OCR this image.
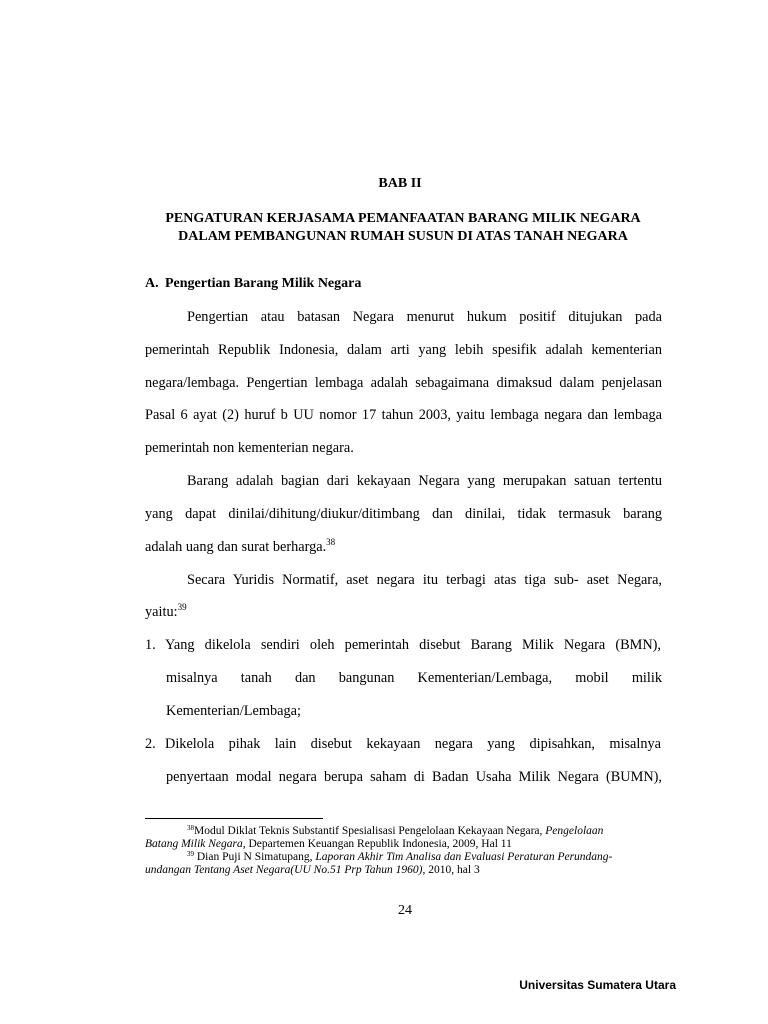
BAB II
PENGATURAN KERJASAMA PEMANFAATAN BARANG MILIK NEGARA
DALAM PEMBANGUNAN RUMAH SUSUN DI ATAS TANAH NEGARA
A. Pengertian Barang Milik Negara
Pengertian atau batasan Negara menurut hukum positif ditujukan pada
pemerintah Republik Indonesia, dalam arti yang lebih spesifik adalah kementerian
negara/lembaga. Pengertian lembaga adalah sebagaimana dimaksud dalam penjelasan
Pasal 6 ayat (2) huruf b UU nomor 17 tahun 2003, yaitu lembaga negara dan lembaga
pemerintah non kementerian negara.
Barang adalah bagian dari kekayaan Negara yang merupakan satuan tertentu
yang dapat dinilai/dihitung/diukur/ditimbang dan dinilai, tidak termasuk barang
adalah uang dan surat berharga.$^{38}$
Secara Yuridis Normatif, aset negara itu terbagi atas tiga sub- aset Negara,
yaitu:$^{39}$
1. Yang dikelola sendiri oleh pemerintah disebut Barang Milik Negara (BMN),
misalnya tanah dan bangunan Kementerian/Lembaga, mobil milik
Kementerian/Lembaga;
2. Dikelola pihak lain disebut kekayaan negara yang dipisahkan, misalnya
penyertaan modal negara berupa saham di Badan Usaha Milik Negara (BUMN),
$^{38}$Modul Diklat Teknis Substantif Spesialisasi Pengelolaan Kekayaan Negara, Pengelolaan
Batang Milik Negara, Departemen Keuangan Republik Indonesia, 2009, Hal 11
$^{39}$ Dian Puji N Simatupang, Laporan Akhir Tim Analisa dan Evaluasi Peraturan Perundang-
undangan Tentang Aset Negara(UU No.51 Prp Tahun 1960), 2010, hal 3
24
Universitas Sumatera Utara
